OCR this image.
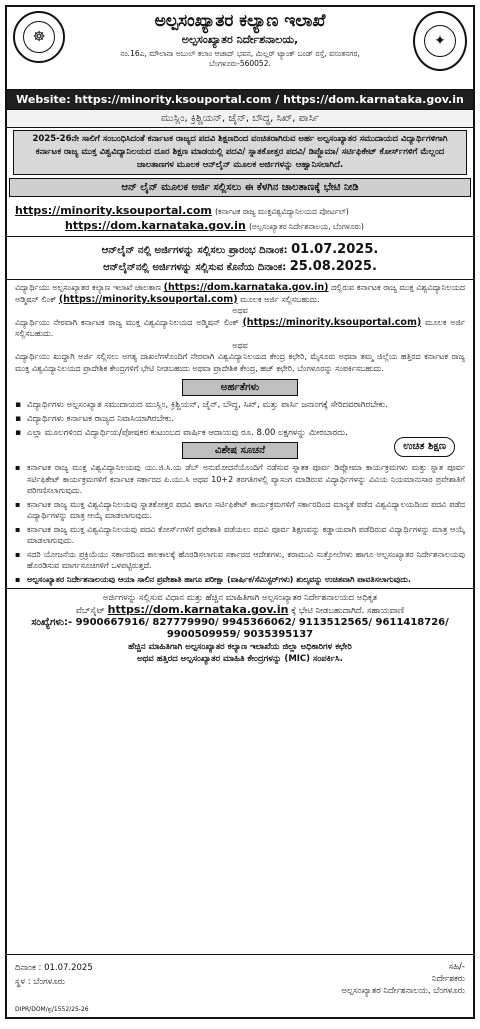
☸
ಅಲ್ಪಸಂಖ್ಯಾತರ ಕಲ್ಯಾಣ ಇಲಾಖೆ
ಅಲ್ಪಸಂಖ್ಯಾತರ ನಿರ್ದೇಶನಾಲಯ,
ನಂ.16ಎ, ಮೌಲಾನಾ ಅಬುಲ್ ಕಲಾಂ ಆಜಾದ್ ಭವನ, ಮಿಲ್ಲರ್ ಟ್ಯಾಂಕ್ ಬಂಡ್ ರಸ್ತೆ, ವಸಂತನಗರ,
ಬೆಂಗಳೂರು-560052.
✦
Website: https://minority.ksouportal.com / https://dom.karnataka.gov.in
ಮುಸ್ಲಿಂ, ಕ್ರಿಶ್ಚಿಯನ್, ಜೈನ್, ಬೌದ್ಧ, ಸಿಖ್, ಪಾರ್ಸಿ
2025-26ನೇ ಸಾಲಿಗೆ ಸಂಬಂಧಿಸಿದಂತೆ ಕರ್ನಾಟಕ ರಾಜ್ಯದ ಪದವಿ ಶಿಕ್ಷಣದಿಂದ ವಂಚಿತರಾಗಿರುವ ಅರ್ಹ ಅಲ್ಪಸಂಖ್ಯಾತರ ಸಮುದಾಯದ ವಿದ್ಯಾರ್ಥಿಗಳಿಗಾಗಿ ಕರ್ನಾಟಕ ರಾಜ್ಯ ಮುಕ್ತ ವಿಶ್ವವಿದ್ಯಾನಿಲಯದ ದೂರ ಶಿಕ್ಷಣ ಮಾಡಯಲ್ಲಿ ಪದವಿ/ ಸ್ನಾತಕೋತ್ತರ ಪದವಿ/ ಡಿಪ್ಲೊಮಾ/ ಸರ್ಟಿಫಿಕೇಟ್ ಕೋರ್ಸ್‌ಗಳಿಗೆ ಮೆಲ್ಲಂದ ಜಾಲತಾಣಗಳ ಮೂಲಕ ಆನ್‌ಲೈನ್ ಮೂಲಕ ಅರ್ಜಿಗಳನ್ನು ಆಹ್ವಾನಿಸಲಾಗಿದೆ.
ಆನ್ ಲೈನ್ ಮೂಲಕ ಅರ್ಜಿ ಸಲ್ಲಿಸಲು ಈ ಕೆಳಗಿನ ಜಾಲತಾಣಕ್ಕೆ ಭೇಟಿ ನೀಡಿ
https://minority.ksouportal.com (ಕರ್ನಾಟಕ ರಾಜ್ಯ ಮುಕ್ತವಿಶ್ವವಿದ್ಯಾನಿಲಯದ ಪೋರ್ಟಲ್)
https://dom.karnataka.gov.in (ಅಲ್ಪಸಂಖ್ಯಾತರ ನಿರ್ದೇಶನಾಲಯ, ಬೆಂಗಳೂರು)
ಆನ್‌ಲೈನ್ ನಲ್ಲಿ ಅರ್ಜಿಗಳನ್ನು ಸಲ್ಲಿಸಲು ಪ್ರಾರಂಭ ದಿನಾಂಕ: 01.07.2025.
ಆನ್‌ಲೈನ್‌ನಲ್ಲಿ ಅರ್ಜಿಗಳನ್ನು ಸಲ್ಲಿಸುವ ಕೊನೆಯ ದಿನಾಂಕ: 25.08.2025.
ವಿದ್ಯಾರ್ಥಿಯು ಅಲ್ಪಸಂಖ್ಯಾತರ ಕಲ್ಯಾಣ ಇಲಾಖೆ ಜಾಲತಾಣ (https://dom.karnataka.gov.in) ದಲ್ಲಿರುವ ಕರ್ನಾಟಕ ರಾಜ್ಯ ಮುಕ್ತ ವಿಶ್ವವಿದ್ಯಾನಿಲಯದ ಅಡ್ಮಿಷನ್ ಲಿಂಕ್ (https://minority.ksouportal.com) ಮೂಲಕ ಅರ್ಜಿ ಸಲ್ಲಿಸಬಹುದು.
ಅಥವ
ವಿದ್ಯಾರ್ಥಿಯು ನೇರವಾಗಿ ಕರ್ನಾಟಕ ರಾಜ್ಯ ಮುಕ್ತ ವಿಶ್ವವಿದ್ಯಾನಿಲಯದ ಅಡ್ಮಿಷನ್ ಲಿಂಕ್ (https://minority.ksouportal.com) ಮೂಲಕ ಅರ್ಜಿ ಸಲ್ಲಿಸಬಹುದು.
ಅಥವ
ವಿದ್ಯಾರ್ಥಿಯು ಖುದ್ದಾಗಿ ಅರ್ಜಿ ಸಲ್ಲಿಸಲು ಅಗತ್ಯ ದಾಖಲೆಗಳೊಂದಿಗೆ ನೇರವಾಗಿ ವಿಶ್ವವಿದ್ಯಾನಿಲಯದ ಕೇಂದ್ರ ಕಛೇರಿ, ಮೈಸೂರು ಅಥವಾ ತಮ್ಮ ಜಿಲ್ಲೆಯ ಹತ್ತಿರದ ಕರ್ನಾಟಕ ರಾಜ್ಯ ಮುಕ್ತ ವಿಶ್ವವಿದ್ಯಾನಿಲಯದ ಪ್ರಾದೇಶಿಕ ಕೇಂದ್ರಗಳಿಗೆ ಭೇಟಿ ನೀಡಬಹುದು ಅಥವಾ ಪ್ರಾದೇಶಿಕ ಕೇಂದ್ರ, ಹಜ್ ಕಛೇರಿ, ಬೆಂಗಳೂರನ್ನು ಸಂಪರ್ಕಿಸಬಹುದು.
ಅರ್ಹತೆಗಳು
▪ ವಿದ್ಯಾರ್ಥಿಗಳು ಅಲ್ಪಸಂಖ್ಯಾತ ಸಮುದಾಯದ ಮುಸ್ಲಿಂ, ಕ್ರಿಶ್ಚಿಯನ್, ಜೈನ್, ಬೌದ್ಧ, ಸಿಖ್, ಮತ್ತು ಪಾರ್ಸಿ ಜನಾಂಗಕ್ಕೆ ಸೇರಿದವರಾಗಿರಬೇಕು.
▪ ವಿದ್ಯಾರ್ಥಿಗಳು ಕರ್ನಾಟಕ ರಾಜ್ಯದ ನಿವಾಸಿಯಾಗಿರಬೇಕು.
▪ ಎಲ್ಲಾ ಮೂಲಗಳಿಂದ ವಿದ್ಯಾರ್ಥಿಯ/ಪೋಷಕರ ಕುಟುಂಬದ ವಾರ್ಷಿಕ ಆದಾಯವು ರೂ. 8.00 ಲಕ್ಷಗಳನ್ನು ಮೀರಬಾರದು.
ಉಚಿತ ಶಿಕ್ಷಣ
ವಿಶೇಷ ಸೂಚನೆ
▪ ಕರ್ನಾಟಕ ರಾಜ್ಯ ಮುಕ್ತ ವಿಶ್ವವಿದ್ಯಾನಿಲಯವು ಯು.ಜಿ.ಸಿ.ಯ ಡೆಬ್ ಅನುಮೋದನೆಯೊಂದಿಗೆ ನಡೆಸುವ ಸ್ನಾತಕ ಪೂರ್ವ ಡಿಪ್ಲೋಮಾ ಕಾರ್ಯಕ್ರಮಗಳು ಮತ್ತು ಸ್ನಾತ ಪೂರ್ವ ಸರ್ಟಿಫಿಕೇಟ್ ಕಾರ್ಯಕ್ರಮಗಳಿಗೆ ಕರ್ನಾಟಕ ಸರ್ಕಾರದ ಪಿ.ಯು.ಸಿ ಅಥವ 10+2 ತರಗತಿಗಳಲ್ಲಿ ವ್ಯಾಸಂಗ ಮಾಡಿರುವ ವಿದ್ಯಾರ್ಥಿಗಳನ್ನು ವಿವಿಯ ನಿಯಮಾನುಸಾರ ಪ್ರವೇಶಾತಿಗೆ ಪರಿಗಣಿಸಲಾಗುವುದು.
▪ ಕರ್ನಾಟಕ ರಾಜ್ಯ ಮುಕ್ತ ವಿಶ್ವವಿದ್ಯಾನಿಲಯವು ಸ್ನಾತಕೋತ್ತರ ಪದವಿ ಹಾಗೂ ಸರ್ಟಿಫಿಕೇಟ್ ಕಾರ್ಯಕ್ರಮಗಳಿಗೆ ಸರ್ಕಾರದಿಂದ ಮಾನ್ಯತೆ ಪಡೆದ ವಿಶ್ವವಿದ್ಯಾಲಯದಿಂದ ಪದವಿ ಪಡೆದ ವಿದ್ಯಾರ್ಥಿಗಳನ್ನು ಮಾತ್ರ ಆಯ್ಕೆ ಮಾಡಲಾಗುವುದು.
▪ ಕರ್ನಾಟಕ ರಾಜ್ಯ ಮುಕ್ತ ವಿಶ್ವವಿದ್ಯಾನಿಲಯವು ಪದವಿ ಕೋರ್ಸ್‌ಗಳಿಗೆ ಪ್ರವೇಶಾತಿ ಪಡೆಯಲು ಪದವಿ ಪೂರ್ವ ಶಿಕ್ಷಣವನ್ನು ಕಡ್ಡಾಯವಾಗಿ ಪಡೆದಿರುವ ವಿದ್ಯಾರ್ಥಿಗಳನ್ನು ಮಾತ್ರ ಆಯ್ಕೆ ಮಾಡಲಾಗುವುದು.
▪ ಸದರಿ ಯೋಜನೆಯ ಪ್ರಕ್ರಿಯೆಯು ಸರ್ಕಾರದಿಂದ ಕಾಲಕಾಲಕ್ಕೆ ಹೊರಡಿಸಲಾಗುವ ಸರ್ಕಾರದ ಆದೇಶಗಳು, ಕರಾಮುವಿ ಸುತ್ತೋಲೆಗಳು ಹಾಗೂ ಅಲ್ಪಸಂಖ್ಯಾತರ ನಿರ್ದೇಶನಾಲಯವು ಹೊರಡಿಸುವ ಮಾರ್ಗಸೂಚಿಗಳಿಗೆ ಒಳಪಟ್ಟಿರುತ್ತದೆ.
▪ ಅಲ್ಪಸಂಖ್ಯಾತರ ನಿರ್ದೇಶನಾಲಯವು ಆಯಾ ಸಾಲಿನ ಪ್ರವೇಶಾತಿ ಹಾಗೂ ಪರೀಕ್ಷಾ (ವಾರ್ಷಿಕ/ಸೆಮಿಸ್ಟರ್‌ಗಳು) ಶುಲ್ಕವನ್ನು ಉಚಿತವಾಗಿ ಪಾವತಿಸಲಾಗುವುದು.
ಅರ್ಜಿಗಳನ್ನು ಸಲ್ಲಿಸುವ ವಿಧಾನ ಮತ್ತು ಹೆಚ್ಚಿನ ಮಾಹಿತಿಗಾಗಿ ಅಲ್ಪಸಂಖ್ಯಾತರ ನಿರ್ದೇಶನಾಲಯದ ಅಧಿಕೃತ
ವೆಬ್‌ಸೈಟ್ https://dom.karnataka.gov.in ಕ್ಕೆ ಭೇಟಿ ನೀಡಬಹುದಾಗಿದೆ. ಸಹಾಯವಾಣಿ
ಸಂಖ್ಯೆಗಳು:- 9900667916/ 827779990/ 9945366062/ 9113512565/ 9611418726/
9900509959/ 9035395137
ಹೆಚ್ಚಿನ ಮಾಹಿತಿಗಾಗಿ ಅಲ್ಪಸಂಖ್ಯಾತರ ಕಲ್ಯಾಣ ಇಲಾಖೆಯ ಜಿಲ್ಲಾ ಅಧಿಕಾರಿಗಳ ಕಛೇರಿ
ಅಥವ ಹತ್ತಿರದ ಅಲ್ಪಸಂಖ್ಯಾತರ ಮಾಹಿತಿ ಕೇಂದ್ರಗಳನ್ನು (MIC) ಸಂಪರ್ಕಿಸಿ.
ದಿನಾಂಕ : 01.07.2025
ಸ್ಥಳ : ಬೆಂಗಳೂರು
ಸಹಿ/-
ನಿರ್ದೇಶಕರು
ಅಲ್ಪಸಂಖ್ಯಾತರ ನಿರ್ದೇಶನಾಲಯ, ಬೆಂಗಳೂರು
DIPR/DOM/ಪ್ರ/1552/25-26
